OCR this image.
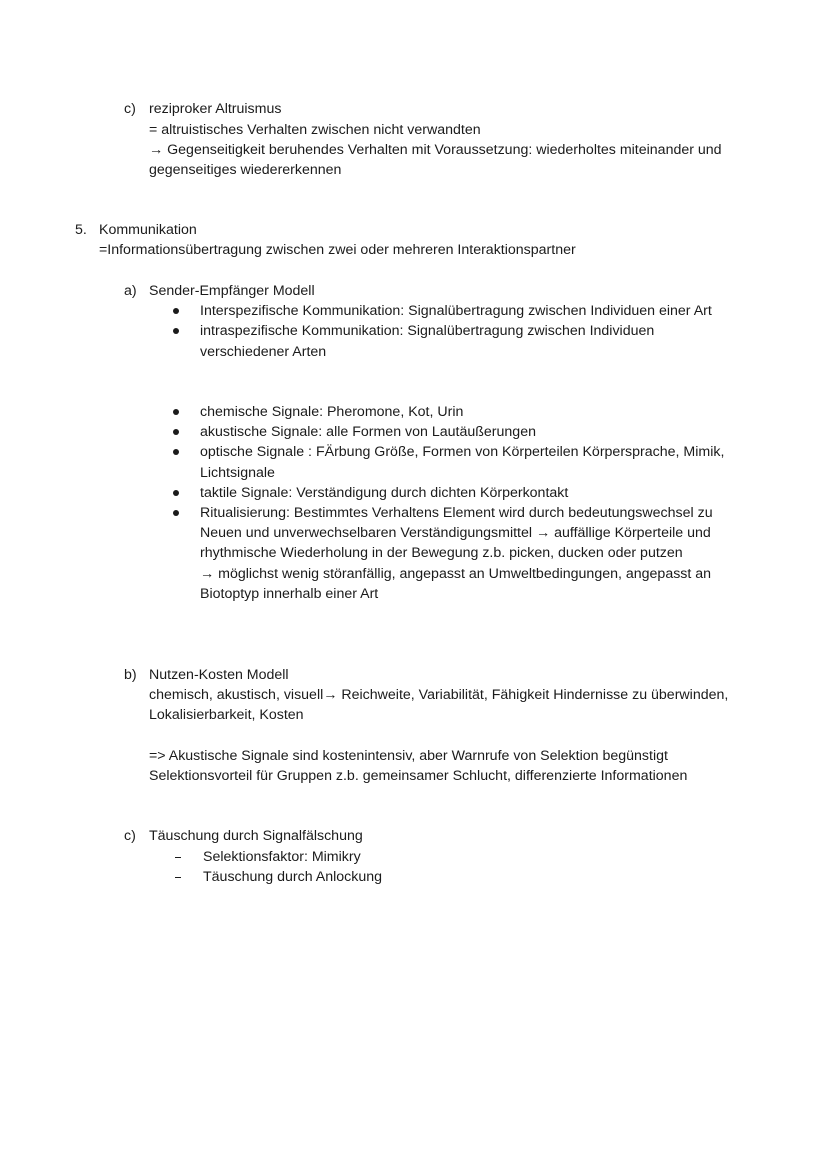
c) reziproker Altruismus
= altruistisches Verhalten zwischen nicht verwandten
→ Gegenseitigkeit beruhendes Verhalten mit Voraussetzung: wiederholtes miteinander und
gegenseitiges wiedererkennen
5. Kommunikation
=Informationsübertragung zwischen zwei oder mehreren Interaktionspartner
a) Sender-Empfänger Modell
Interspezifische Kommunikation: Signalübertragung zwischen Individuen einer Art
intraspezifische Kommunikation: Signalübertragung zwischen Individuen
verschiedener Arten
chemische Signale: Pheromone, Kot, Urin
akustische Signale: alle Formen von Lautäußerungen
optische Signale : FÄrbung Größe, Formen von Körperteilen Körpersprache, Mimik,
Lichtsignale
taktile Signale: Verständigung durch dichten Körperkontakt
Ritualisierung: Bestimmtes Verhaltens Element wird durch bedeutungswechsel zu
Neuen und unverwechselbaren Verständigungsmittel → auffällige Körperteile und
rhythmische Wiederholung in der Bewegung z.b. picken, ducken oder putzen
→ möglichst wenig störanfällig, angepasst an Umweltbedingungen, angepasst an
Biotoptyp innerhalb einer Art
b) Nutzen-Kosten Modell
chemisch, akustisch, visuell→ Reichweite, Variabilität, Fähigkeit Hindernisse zu überwinden,
Lokalisierbarkeit, Kosten
=> Akustische Signale sind kostenintensiv, aber Warnrufe von Selektion begünstigt
Selektionsvorteil für Gruppen z.b. gemeinsamer Schlucht, differenzierte Informationen
c) Täuschung durch Signalfälschung
Selektionsfaktor: Mimikry
Täuschung durch Anlockung
